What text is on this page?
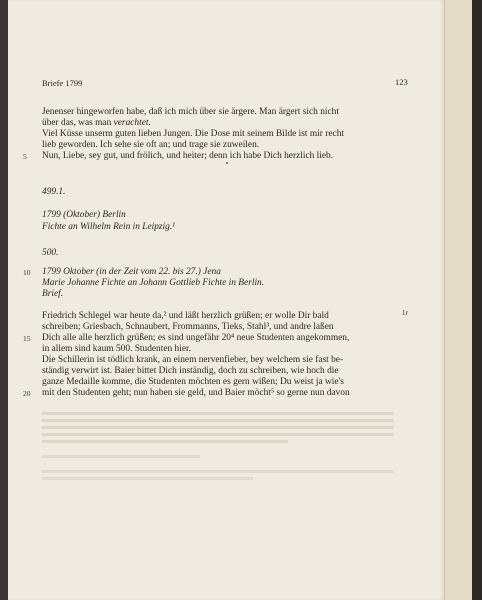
Briefe 1799	123
Jenenser hingeworfen habe, daß ich mich über sie ärgere. Man ärgert sich nicht
über das, was man verachtet.
Viel Küsse unserm guten lieben Jungen. Die Dose mit seinem Bilde ist mir recht
lieb geworden. Ich sehe sie oft an; und trage sie zuweilen.
5 Nun, Liebe, sey gut, und frölich, und heiter; denn ich habe Dich herzlich lieb.
499.1.
1799 (Oktober) Berlin
Fichte an Wilhelm Rein in Leipzig.¹
500.
10 1799 Oktober (in der Zeit vom 22. bis 27.) Jena
Marie Johanne Fichte an Johann Gottlieb Fichte in Berlin.
Brief.
Friedrich Schlegel war heute da,² und läßt herzlich grüßen; er wolle Dir bald	1r
schreiben; Griesbach, Schnaubert, Frommanns, Tieks, Stahl³, und andre laßen
15 Dich alle alle herzlich grüßen; es sind ungefähr 20⁴ neue Studenten angekommen,
in allem sind kaum 500. Studenten hier.
Die Schillerin ist tödlich krank, an einem nervenfieber, bey welchem sie fast be-
ständig verwirt ist. Baier bittet Dich inständig, doch zu schreiben, wie hoch die
ganze Medaille komme, die Studenten möchten es gern wißen; Du weist ja wie's
20 mit den Studenten geht; nun haben sie geld, und Baier möcht⁵ so gerne nun davon
